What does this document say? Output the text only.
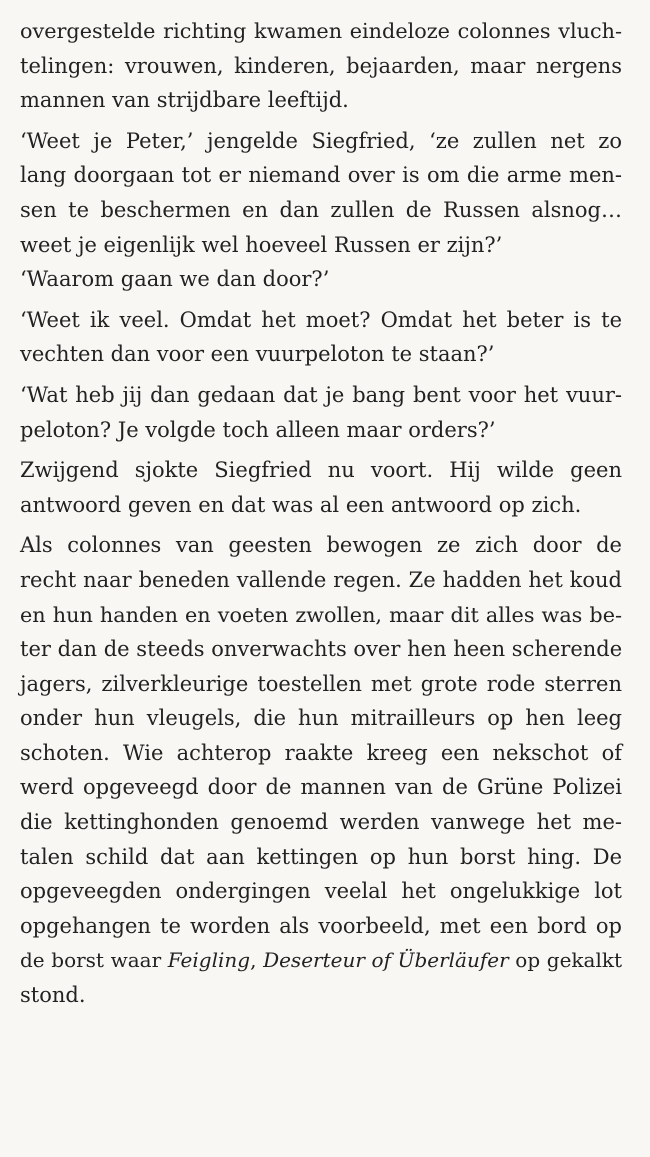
overgestelde richting kwamen eindeloze colonnes vluch-
telingen: vrouwen, kinderen, bejaarden, maar nergens
mannen van strijdbare leeftijd.
‘Weet je Peter,’ jengelde Siegfried, ‘ze zullen net zo
lang doorgaan tot er niemand over is om die arme men-
sen te beschermen en dan zullen de Russen alsnog…
weet je eigenlijk wel hoeveel Russen er zijn?’
‘Waarom gaan we dan door?’
‘Weet ik veel. Omdat het moet? Omdat het beter is te
vechten dan voor een vuurpeloton te staan?’
‘Wat heb jij dan gedaan dat je bang bent voor het vuur-
peloton? Je volgde toch alleen maar orders?’
Zwijgend sjokte Siegfried nu voort. Hij wilde geen
antwoord geven en dat was al een antwoord op zich.
Als colonnes van geesten bewogen ze zich door de
recht naar beneden vallende regen. Ze hadden het koud
en hun handen en voeten zwollen, maar dit alles was be-
ter dan de steeds onverwachts over hen heen scherende
jagers, zilverkleurige toestellen met grote rode sterren
onder hun vleugels, die hun mitrailleurs op hen leeg
schoten. Wie achterop raakte kreeg een nekschot of
werd opgeveegd door de mannen van de Grüne Polizei
die kettinghonden genoemd werden vanwege het me-
talen schild dat aan kettingen op hun borst hing. De
opgeveegden ondergingen veelal het ongelukkige lot
opgehangen te worden als voorbeeld, met een bord op
de borst waar Feigling, Deserteur of Überläufer op gekalkt
stond.
